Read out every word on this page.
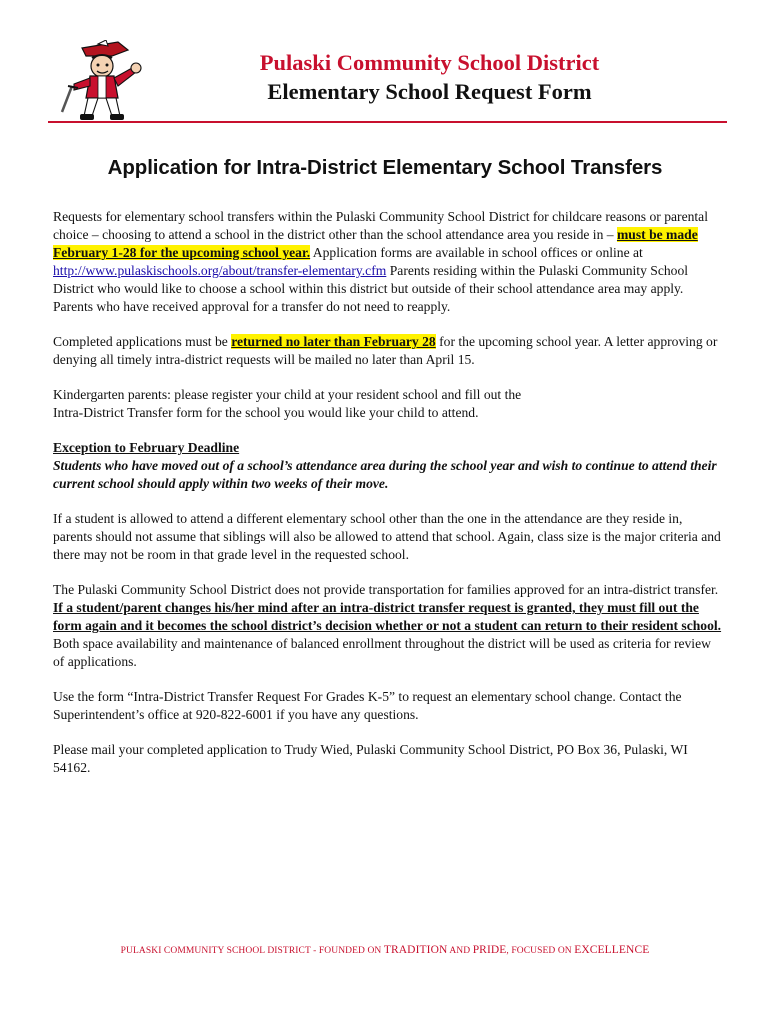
Pulaski Community School District
Elementary School Request Form
Application for Intra-District Elementary School Transfers

Requests for elementary school transfers within the Pulaski Community School District for childcare reasons or parental choice – choosing to attend a school in the district other than the school attendance area you reside in – must be made February 1-28 for the upcoming school year. Application forms are available in school offices or online at http://www.pulaskischools.org/about/transfer-elementary.cfm Parents residing within the Pulaski Community School District who would like to choose a school within this district but outside of their school attendance area may apply. Parents who have received approval for a transfer do not need to reapply.

Completed applications must be returned no later than February 28 for the upcoming school year. A letter approving or denying all timely intra-district requests will be mailed no later than April 15.

Kindergarten parents: please register your child at your resident school and fill out the
Intra-District Transfer form for the school you would like your child to attend.

Exception to February Deadline
Students who have moved out of a school’s attendance area during the school year and wish to continue to attend their current school should apply within two weeks of their move.

If a student is allowed to attend a different elementary school other than the one in the attendance are they reside in, parents should not assume that siblings will also be allowed to attend that school. Again, class size is the major criteria and there may not be room in that grade level in the requested school.

The Pulaski Community School District does not provide transportation for families approved for an intra-district transfer. If a student/parent changes his/her mind after an intra-district transfer request is granted, they must fill out the form again and it becomes the school district’s decision whether or not a student can return to their resident school. Both space availability and maintenance of balanced enrollment throughout the district will be used as criteria for review of applications.

Use the form “Intra-District Transfer Request For Grades K-5” to request an elementary school change. Contact the Superintendent’s office at 920-822-6001 if you have any questions.

Please mail your completed application to Trudy Wied, Pulaski Community School District, PO Box 36, Pulaski, WI 54162.

PULASKI COMMUNITY SCHOOL DISTRICT - FOUNDED ON TRADITION AND PRIDE, FOCUSED ON EXCELLENCE
